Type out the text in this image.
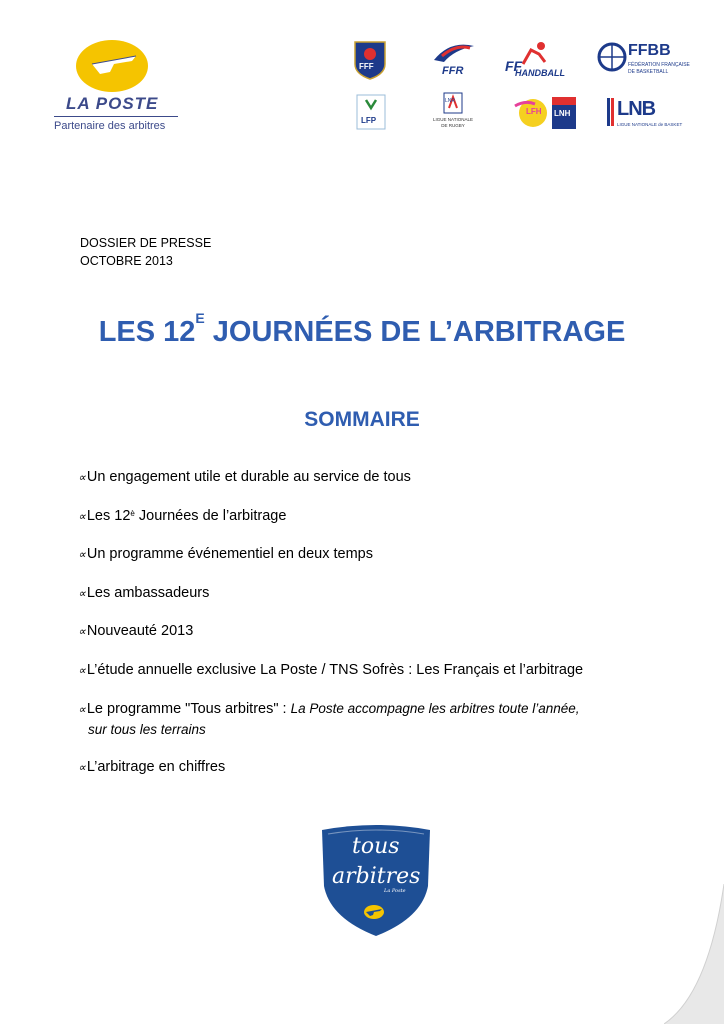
LA POSTE
Partenaire des arbitres
FFF	FFR	FF
HANDBALL
FFBB
FÉDÉRATION FRANÇAISE
DE BASKETBALL
LFP
LNR
LIGUE NATIONALE
DE RUGBY
LFH LNH LNB
LIGUE NATIONALE de BASKET
DOSSIER DE PRESSE
OCTOBRE 2013
LES $12^E$ JOURNÉES DE L’ARBITRAGE
SOMMAIRE
∝Un engagement utile et durable au service de tous
∝Les $12^è$ Journées de l’arbitrage
∝Un programme événementiel en deux temps
∝Les ambassadeurs
∝Nouveauté 2013
∝L’étude annuelle exclusive La Poste / TNS Sofrès : Les Français et l’arbitrage
∝Le programme "Tous arbitres" : La Poste accompagne les arbitres toute l’année,
sur tous les terrains
∝L’arbitrage en chiffres
tous
arbitres
La Poste
